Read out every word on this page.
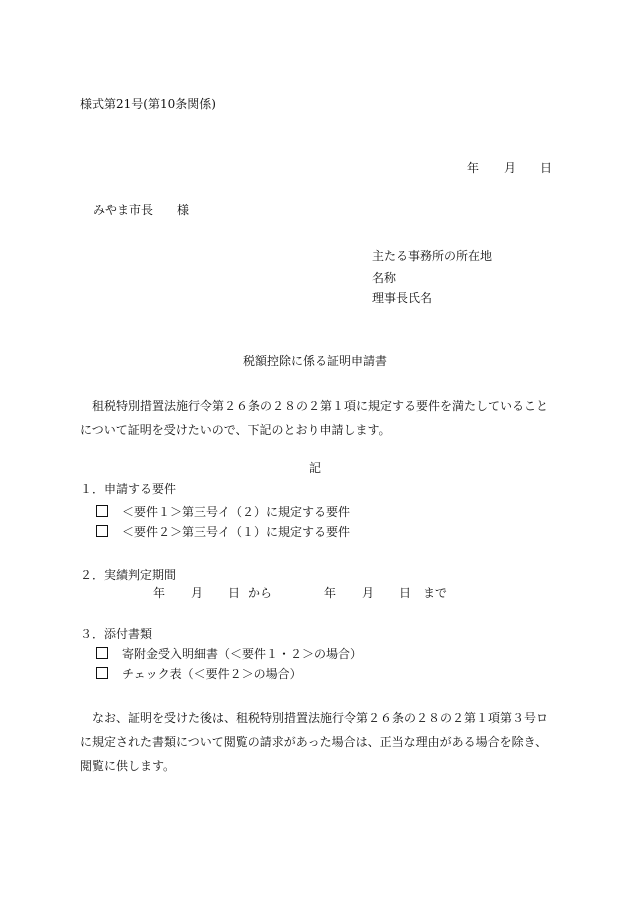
様式第21号(第10条関係)
年 月 日
みやま市長　　様
主たる事務所の所在地
名称
理事長氏名
税額控除に係る証明申請書
　租税特別措置法施行令第２６条の２８の２第１項に規定する要件を満たしていることについて証明を受けたいので、下記のとおり申請します。
記
１．申請する要件
＜要件１＞第三号イ（２）に規定する要件
＜要件２＞第三号イ（１）に規定する要件
２．実績判定期間
年 月 日 から	年 月 日 まで
３．添付書類
寄附金受入明細書（＜要件１・２＞の場合）
チェック表（＜要件２＞の場合）
　なお、証明を受けた後は、租税特別措置法施行令第２６条の２８の２第１項第３号ロに規定された書類について閲覧の請求があった場合は、正当な理由がある場合を除き、閲覧に供します。
